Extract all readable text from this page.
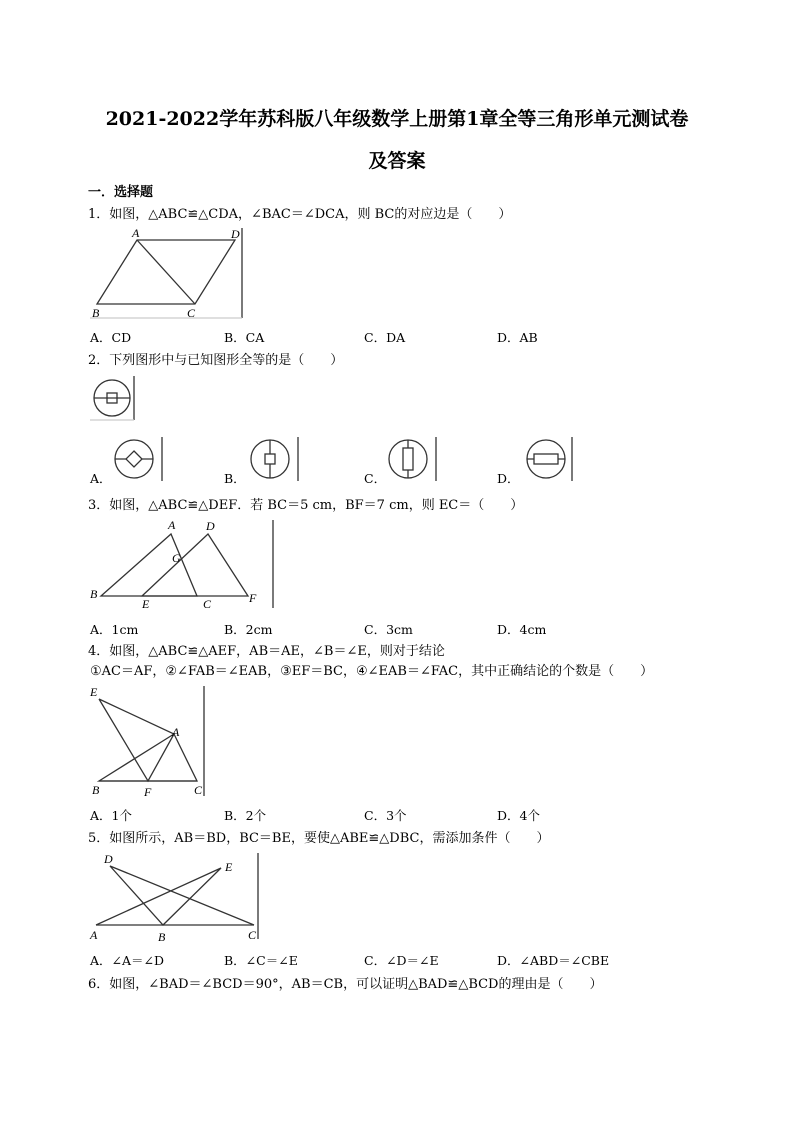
2021-2022学年苏科版八年级数学上册第1章全等三角形单元测试卷
及答案
一．选择题
1．如图，△ABC≌△CDA，∠BAC＝∠DCA，则 BC的对应边是（　　）
A	D
B	C
A．CD	B．CA	C．DA	D．AB
2．下列图形中与已知图形全等的是（　　）
A．	B．	C．	D．
3．如图，△ABC≌△DEF．若 BC＝5 cm，BF＝7 cm，则 EC＝（　　）
A	D
G
B
E	C	F
A．1cm	B．2cm	C．3cm	D．4cm
4．如图，△ABC≌△AEF，AB＝AE，∠B＝∠E，则对于结论
①AC＝AF，②∠FAB＝∠EAB，③EF＝BC，④∠EAB＝∠FAC，其中正确结论的个数是（　　）
E
A
B	F	C
A．1个	B．2个	C．3个	D．4个
5．如图所示，AB＝BD，BC＝BE，要使△ABE≌△DBC，需添加条件（　　）
D
E
A	B	C
A．∠A＝∠D	B．∠C＝∠E	C．∠D＝∠E	D．∠ABD＝∠CBE
6．如图，∠BAD＝∠BCD＝90°，AB＝CB，可以证明△BAD≌△BCD的理由是（　　）
